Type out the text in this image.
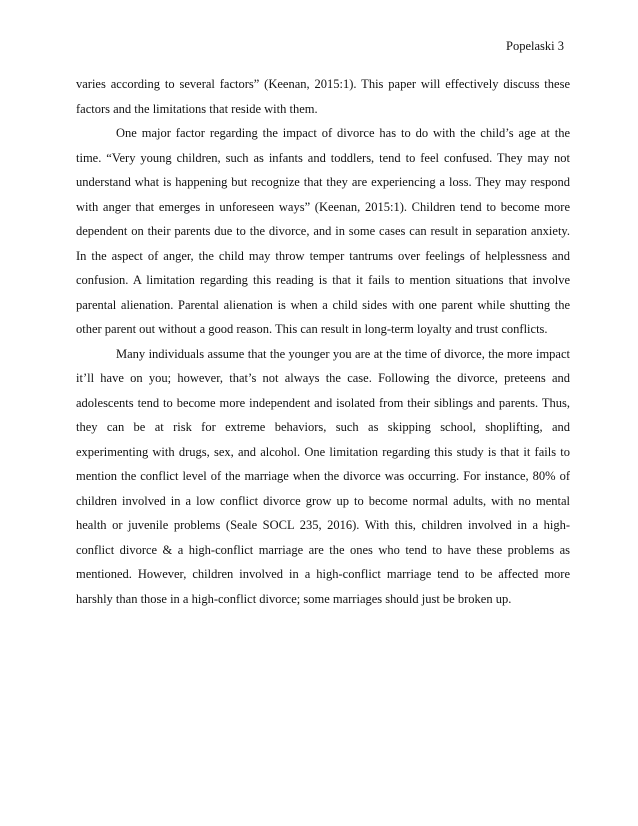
Popelaski 3
varies according to several factors” (Keenan, 2015:1). This paper will effectively discuss these
factors and the limitations that reside with them.
One major factor regarding the impact of divorce has to do with the child’s age at the
time. “Very young children, such as infants and toddlers, tend to feel confused. They may not
understand what is happening but recognize that they are experiencing a loss. They may respond
with anger that emerges in unforeseen ways” (Keenan, 2015:1). Children tend to become more
dependent on their parents due to the divorce, and in some cases can result in separation anxiety.
In the aspect of anger, the child may throw temper tantrums over feelings of helplessness and
confusion. A limitation regarding this reading is that it fails to mention situations that involve
parental alienation. Parental alienation is when a child sides with one parent while shutting the
other parent out without a good reason. This can result in long-term loyalty and trust conflicts.
Many individuals assume that the younger you are at the time of divorce, the more impact
it’ll have on you; however, that’s not always the case. Following the divorce, preteens and
adolescents tend to become more independent and isolated from their siblings and parents. Thus,
they can be at risk for extreme behaviors, such as skipping school, shoplifting, and
experimenting with drugs, sex, and alcohol. One limitation regarding this study is that it fails to
mention the conflict level of the marriage when the divorce was occurring. For instance, 80% of
children involved in a low conflict divorce grow up to become normal adults, with no mental
health or juvenile problems (Seale SOCL 235, 2016). With this, children involved in a high-
conflict divorce & a high-conflict marriage are the ones who tend to have these problems as
mentioned. However, children involved in a high-conflict marriage tend to be affected more
harshly than those in a high-conflict divorce; some marriages should just be broken up.
